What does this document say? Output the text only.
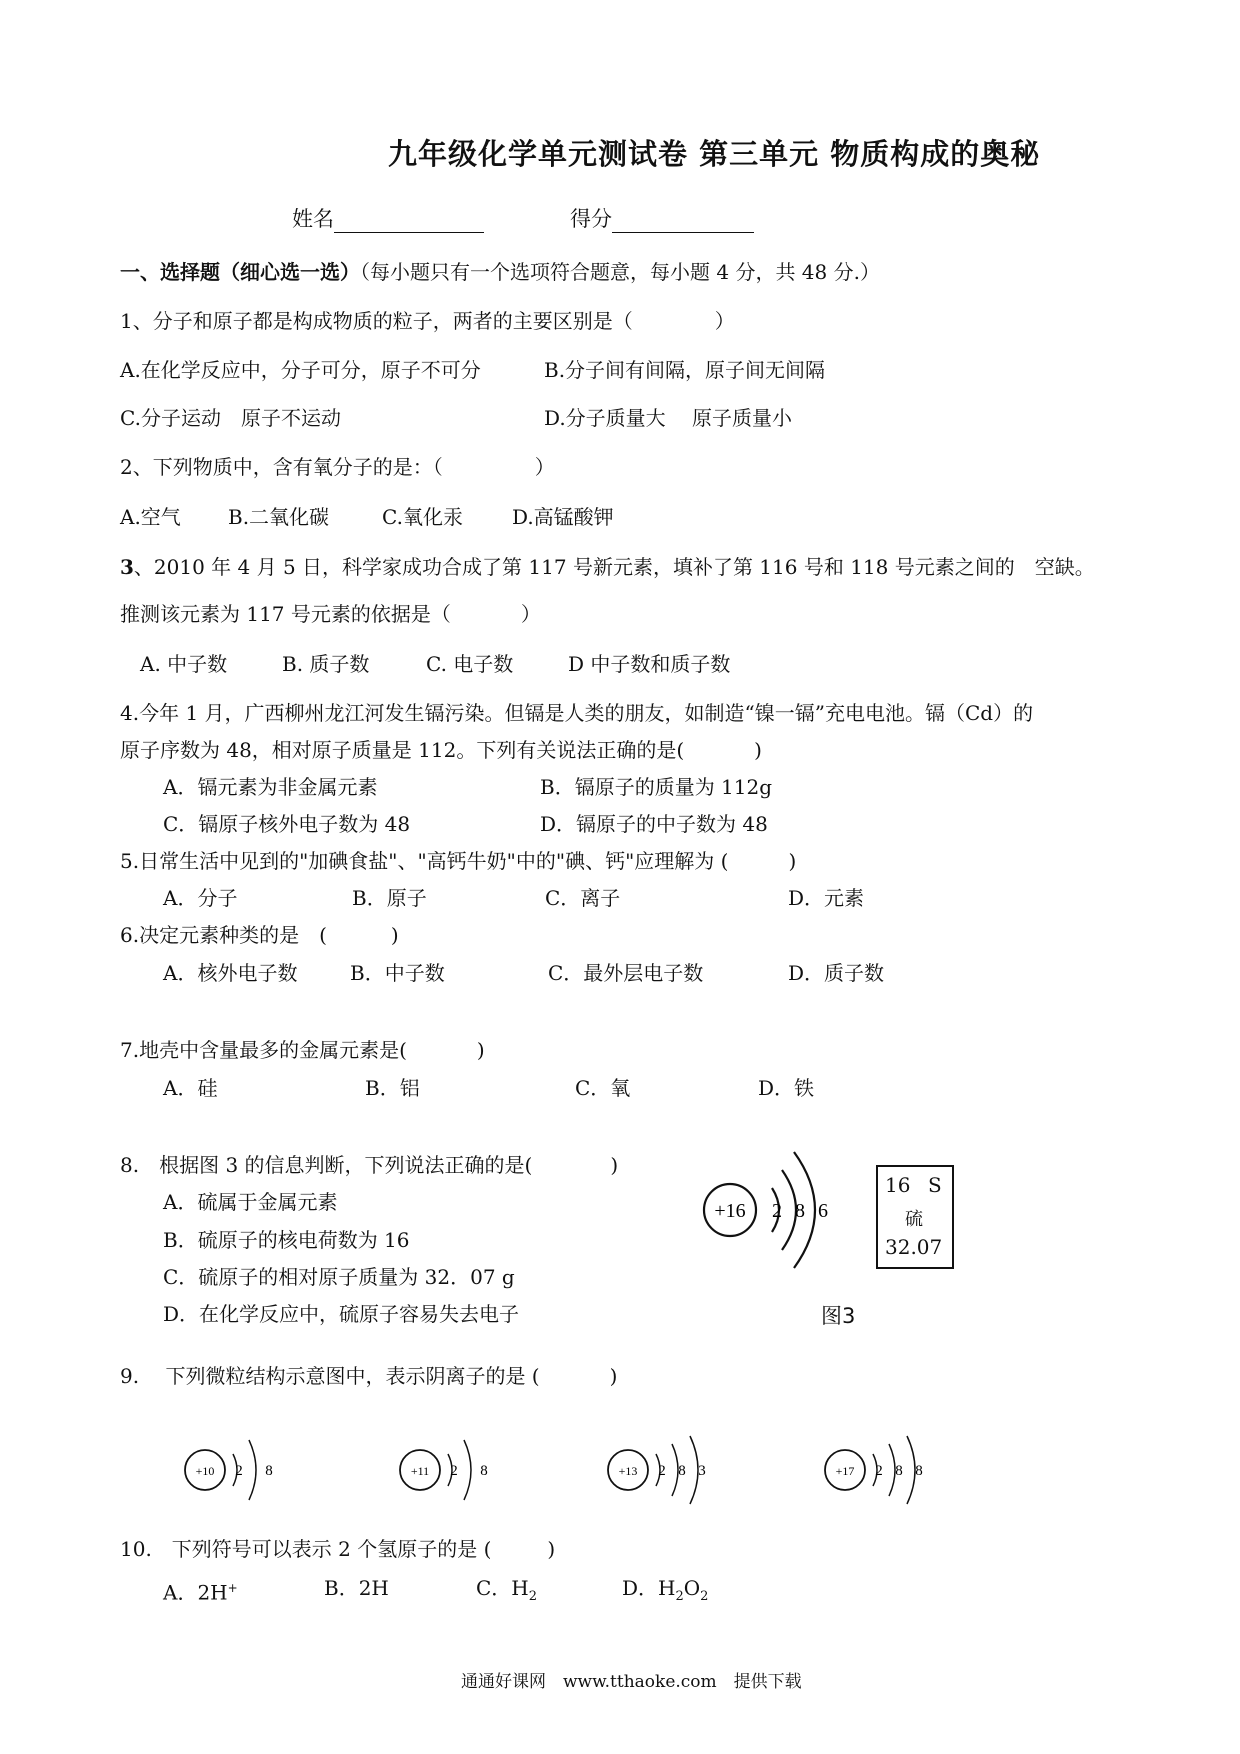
九年级化学单元测试卷 第三单元 物质构成的奥秘
姓名	得分
一、选择题（细心选一选）（每小题只有一个选项符合题意，每小题 4 分，共 48 分.）
1、分子和原子都是构成物质的粒子，两者的主要区别是（	）
A.在化学反应中，分子可分，原子不可分	B.分子间有间隔，原子间无间隔
C.分子运动　原子不运动	D.分子质量大　 原子质量小
2、下列物质中，含有氧分子的是：（	）
A.空气 B.二氧化碳	C.氧化汞 D.高锰酸钾
3、2010 年 4 月 5 日，科学家成功合成了第 117 号新元素，填补了第 116 号和 118 号元素之间的　空缺。
推测该元素为 117 号元素的依据是（	）
A. 中子数	B. 质子数	C. 电子数	D 中子数和质子数
4.今年 1 月，广西柳州龙江河发生镉污染。但镉是人类的朋友，如制造“镍一镉”充电电池。镉（Cd）的
原子序数为 48，相对原子质量是 112。下列有关说法正确的是(	)
A．镉元素为非金属元素	B．镉原子的质量为 112g
C．镉原子核外电子数为 48	D．镉原子的中子数为 48
5.日常生活中见到的"加碘食盐"、"高钙牛奶"中的"碘、钙"应理解为 (	)
A．分子	B．原子	C．离子	D．元素
6.决定元素种类的是　(	)
A．核外电子数	B．中子数	C．最外层电子数	D．质子数
7.地壳中含量最多的金属元素是(	)
A．硅	B．铝	C．氧	D．铁
8.　根据图 3 的信息判断，下列说法正确的是(	)
A．硫属于金属元素
B．硫原子的核电荷数为 16
C．硫原子的相对原子质量为 32．07 g
D．在化学反应中，硫原子容易失去电子
+16 2 8 6
16 S
硫
32.07
图3
9.　 下列微粒结构示意图中，表示阴离子的是 (	)
+10 2 8	+11 2 8	+13 2 8 3	+17 2 8 8
10.　下列符号可以表示 2 个氢原子的是 (	)
A．2H+	B．2H	C．$H_2$	D．$H_2O_2$
通通好课网　www.tthaoke.com　提供下载
